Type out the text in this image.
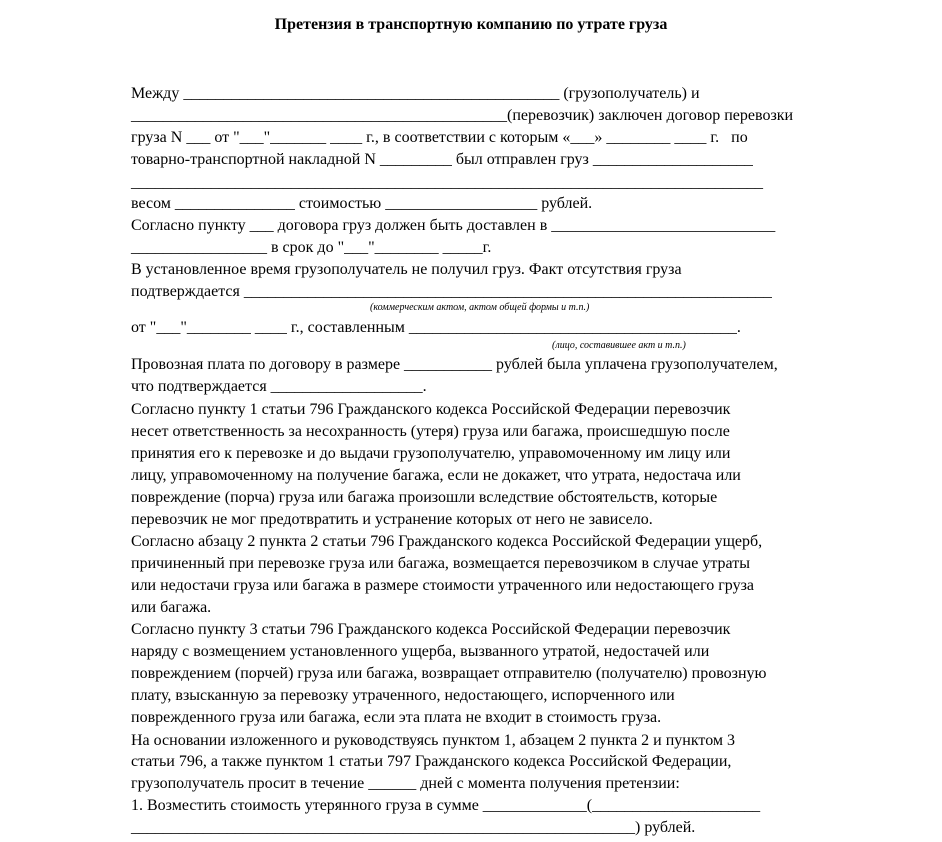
Претензия в транспортную компанию по утрате груза
Между _______________________________________________ (грузополучатель) и
_______________________________________________(перевозчик) заключен договор перевозки
груза N ___ от "___"_______ ____ г., в соответствии с которым «___» ________ ____ г.   по
товарно-транспортной накладной N _________ был отправлен груз ____________________
_______________________________________________________________________________
весом _______________ стоимостью ___________________ рублей.
Согласно пункту ___ договора груз должен быть доставлен в ____________________________
_________________ в срок до "___"________ _____г.
В установленное время грузополучатель не получил груз. Факт отсутствия груза
подтверждается __________________________________________________________________
(коммерческим актом, актом общей формы и т.п.)
от "___"________ ____ г., составленным _________________________________________.
(лицо, составившее акт и т.п.)
Провозная плата по договору в размере ___________ рублей была уплачена грузополучателем,
что подтверждается ___________________.
Согласно пункту 1 статьи 796 Гражданского кодекса Российской Федерации перевозчик
несет ответственность за несохранность (утеря) груза или багажа, происшедшую после
принятия его к перевозке и до выдачи грузополучателю, управомоченному им лицу или
лицу, управомоченному на получение багажа, если не докажет, что утрата, недостача или
повреждение (порча) груза или багажа произошли вследствие обстоятельств, которые
перевозчик не мог предотвратить и устранение которых от него не зависело.
Согласно абзацу 2 пункта 2 статьи 796 Гражданского кодекса Российской Федерации ущерб,
причиненный при перевозке груза или багажа, возмещается перевозчиком в случае утраты
или недостачи груза или багажа в размере стоимости утраченного или недостающего груза
или багажа.
Согласно пункту 3 статьи 796 Гражданского кодекса Российской Федерации перевозчик
наряду с возмещением установленного ущерба, вызванного утратой, недостачей или
повреждением (порчей) груза или багажа, возвращает отправителю (получателю) провозную
плату, взысканную за перевозку утраченного, недостающего, испорченного или
поврежденного груза или багажа, если эта плата не входит в стоимость груза.
На основании изложенного и руководствуясь пунктом 1, абзацем 2 пункта 2 и пунктом 3
статьи 796, а также пунктом 1 статьи 797 Гражданского кодекса Российской Федерации,
грузополучатель просит в течение ______ дней с момента получения претензии:
1. Возместить стоимость утерянного груза в сумме _____________(_____________________
_______________________________________________________________) рублей.
